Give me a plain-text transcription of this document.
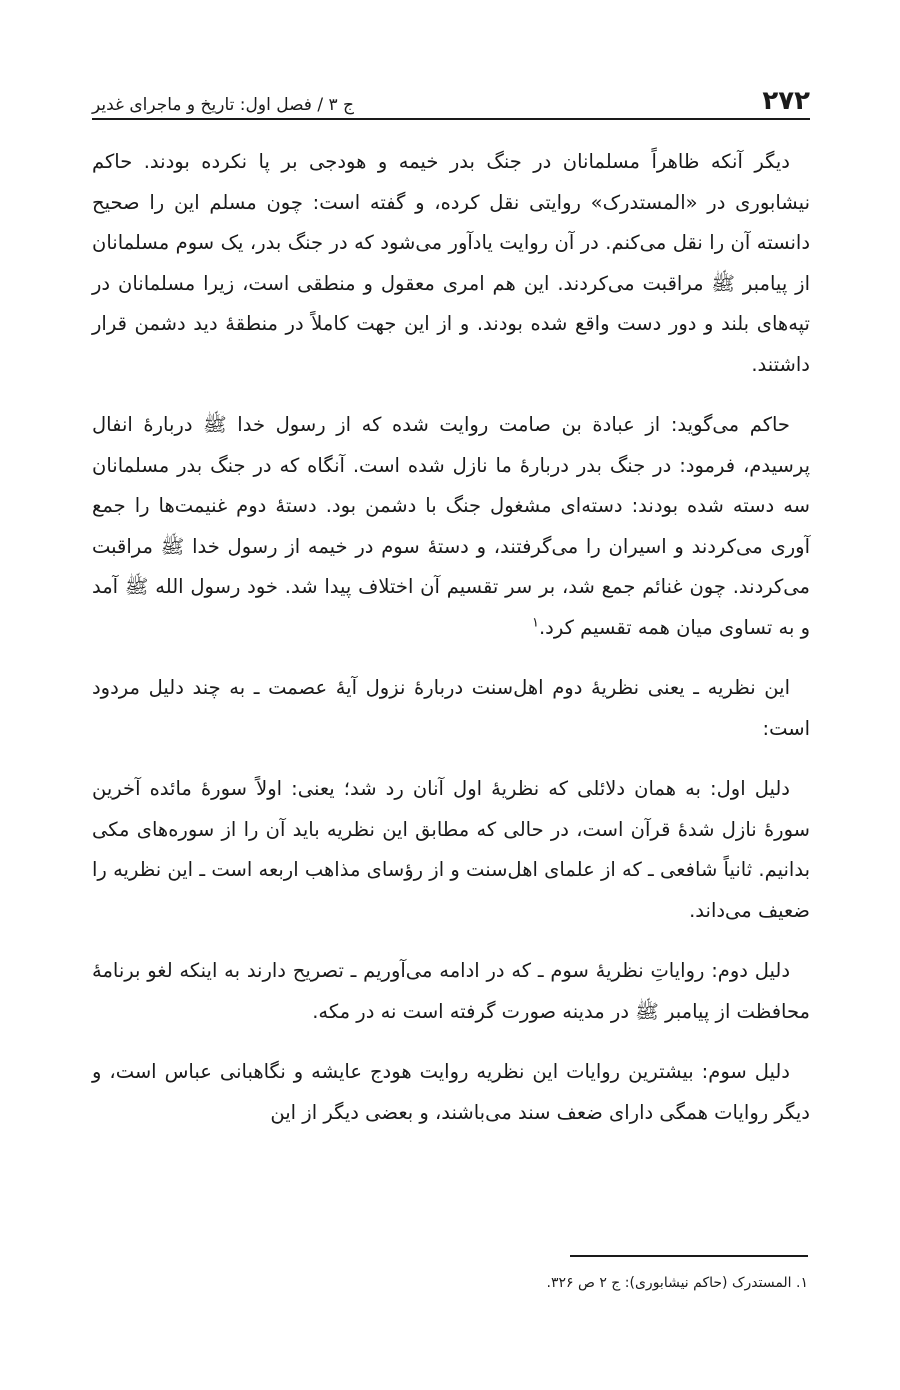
۲۷۲
ج ۳ / فصل اول: تاریخ و ماجرای غدیر

دیگر آنکه ظاهراً مسلمانان در جنگ بدر خیمه و هودجی بر پا نکرده بودند. حاکم نیشابوری در «المستدرک» روایتی نقل کرده، و گفته است: چون مسلم این را صحیح دانسته آن را نقل می‌کنم. در آن روایت یادآور می‌شود که در جنگ بدر، یک سوم مسلمانان از پیامبر ﷺ مراقبت می‌کردند. این هم امری معقول و منطقی است، زیرا مسلمانان در تپه‌های بلند و دور دست واقع شده بودند. و از این جهت کاملاً در منطقهٔ دید دشمن قرار داشتند.

حاکم می‌گوید: از عبادة بن صامت روایت شده که از رسول خدا ﷺ دربارهٔ انفال پرسیدم، فرمود: در جنگ بدر دربارهٔ ما نازل شده است. آنگاه که در جنگ بدر مسلمانان سه دسته شده بودند: دسته‌ای مشغول جنگ با دشمن بود. دستهٔ دوم غنیمت‌ها را جمع آوری می‌کردند و اسیران را می‌گرفتند، و دستهٔ سوم در خیمه از رسول خدا ﷺ مراقبت می‌کردند. چون غنائم جمع شد، بر سر تقسیم آن اختلاف پیدا شد. خود رسول الله ﷺ آمد و به تساوی میان همه تقسیم کرد.$^۱$

این نظریه ـ یعنی نظریهٔ دوم اهل‌سنت دربارهٔ نزول آیهٔ عصمت ـ به چند دلیل مردود است:

دلیل اول: به همان دلائلی که نظریهٔ اول آنان رد شد؛ یعنی: اولاً سورهٔ مائده آخرین سورهٔ نازل شدهٔ قرآن است، در حالی که مطابق این نظریه باید آن را از سوره‌های مکی بدانیم. ثانیاً شافعی ـ که از علمای اهل‌سنت و از رؤسای مذاهب اربعه است ـ این نظریه را ضعیف می‌داند.

دلیل دوم: روایاتِ نظریهٔ سوم ـ که در ادامه می‌آوریم ـ تصریح دارند به اینکه لغو برنامهٔ محافظت از پیامبر ﷺ در مدینه صورت گرفته است نه در مکه.

دلیل سوم: بیشترین روایات این نظریه روایت هودج عایشه و نگاهبانی عباس است، و دیگر روایات همگی دارای ضعف سند می‌باشند، و بعضی دیگر از این

۱. المستدرک (حاکم نیشابوری): ج ۲ ص ۳۲۶.
